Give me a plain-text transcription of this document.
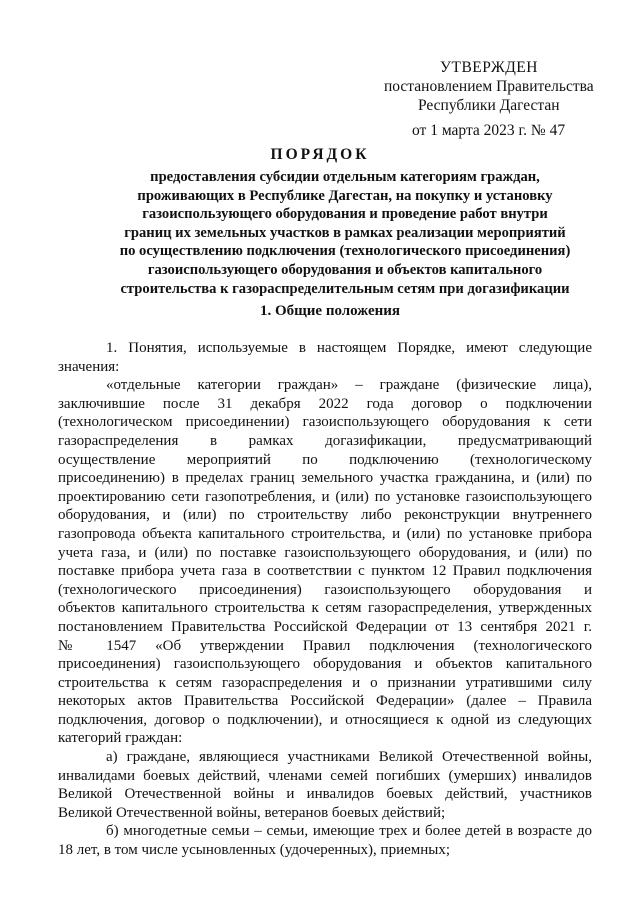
УТВЕРЖДЕН
постановлением Правительства
Республики Дагестан
от 1 марта 2023 г. № 47
ПОРЯДОК
предоставления субсидии отдельным категориям граждан,
проживающих в Республике Дагестан, на покупку и установку
газоиспользующего оборудования и проведение работ внутри
границ их земельных участков в рамках реализации мероприятий
по осуществлению подключения (технологического присоединения)
газоиспользующего оборудования и объектов капитального
строительства к газораспределительным сетям при догазификации
1. Общие положения
1. Понятия, используемые в настоящем Порядке, имеют следующие
значения:
«отдельные категории граждан» – граждане (физические лица),
заключившие после 31 декабря 2022 года договор о подключении
(технологическом присоединении) газоиспользующего оборудования к сети
газораспределения в рамках догазификации, предусматривающий
осуществление мероприятий по подключению (технологическому
присоединению) в пределах границ земельного участка гражданина, и (или) по
проектированию сети газопотребления, и (или) по установке газоиспользующего
оборудования, и (или) по строительству либо реконструкции внутреннего
газопровода объекта капитального строительства, и (или) по установке прибора
учета газа, и (или) по поставке газоиспользующего оборудования, и (или) по
поставке прибора учета газа в соответствии с пунктом 12 Правил подключения
(технологического присоединения) газоиспользующего оборудования и
объектов капитального строительства к сетям газораспределения, утвержденных
постановлением Правительства Российской Федерации от 13 сентября 2021 г.
№ 1547 «Об утверждении Правил подключения (технологического
присоединения) газоиспользующего оборудования и объектов капитального
строительства к сетям газораспределения и о признании утратившими силу
некоторых актов Правительства Российской Федерации» (далее – Правила
подключения, договор о подключении), и относящиеся к одной из следующих
категорий граждан:
а) граждане, являющиеся участниками Великой Отечественной войны,
инвалидами боевых действий, членами семей погибших (умерших) инвалидов
Великой Отечественной войны и инвалидов боевых действий, участников
Великой Отечественной войны, ветеранов боевых действий;
б) многодетные семьи – семьи, имеющие трех и более детей в возрасте до
18 лет, в том числе усыновленных (удочеренных), приемных;
